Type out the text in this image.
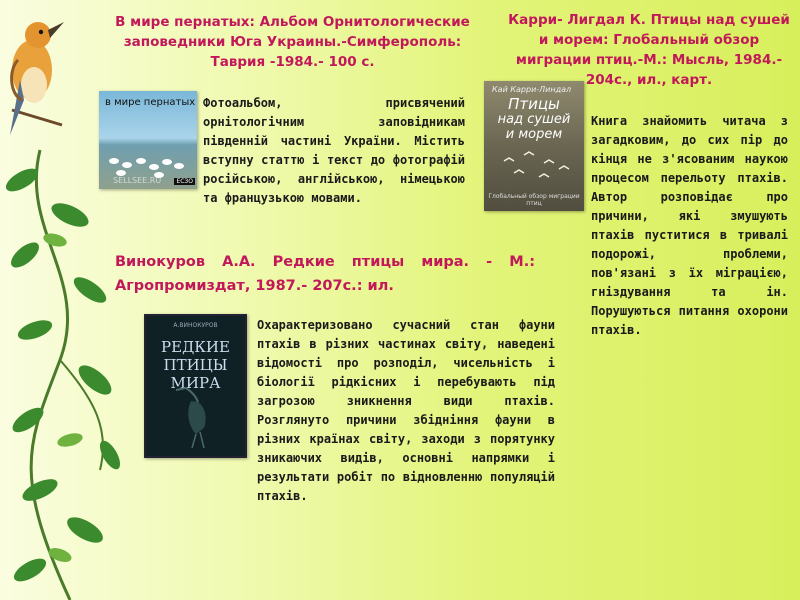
В мире пернатых: Альбом Орнитологические заповедники Юга Украины.-Симферополь: Таврия -1984.- 100 с.
в мире пернатых
SELLSEE.RU	ЕСЗО
Фотоальбом, присвячений орнітологічним заповідникам південній частині України. Містить вступну статтю і текст до фотографій російською, англійською, німецькою та французькою мовами.
Карри- Лигдал К. Птицы над сушей и морем: Глобальный обзор миграции птиц.-М.: Мысль, 1984.- 204с., ил., карт.
Кай Карри-Линдал
Птицы
над сушей
и морем
Глобальный обзор миграции птиц
Книга знайомить читача з загадковим, до сих пір до кінця не з'ясованим наукою процесом перельоту птахів. Автор розповідає про причини, які змушують птахів пуститися в тривалі подорожі, проблеми, пов'язані з їх міграцією, гніздування та ін. Порушуються питання охорони птахів.
Винокуров А.А. Редкие птицы мира. - М.: Агропромиздат, 1987.- 207с.: ил.
А.ВИНОКУРОВ
РЕДКИЕ
ПТИЦЫ
МИРА
Охарактеризовано сучасний стан фауни птахів в різних частинах світу, наведені відомості про розподіл, чисельність і біології рідкісних і перебувають під загрозою зникнення види птахів. Розглянуто причини збідніння фауни в різних країнах світу, заходи з порятунку зникаючих видів, основні напрямки і результати робіт по відновленню популяцій птахів.
